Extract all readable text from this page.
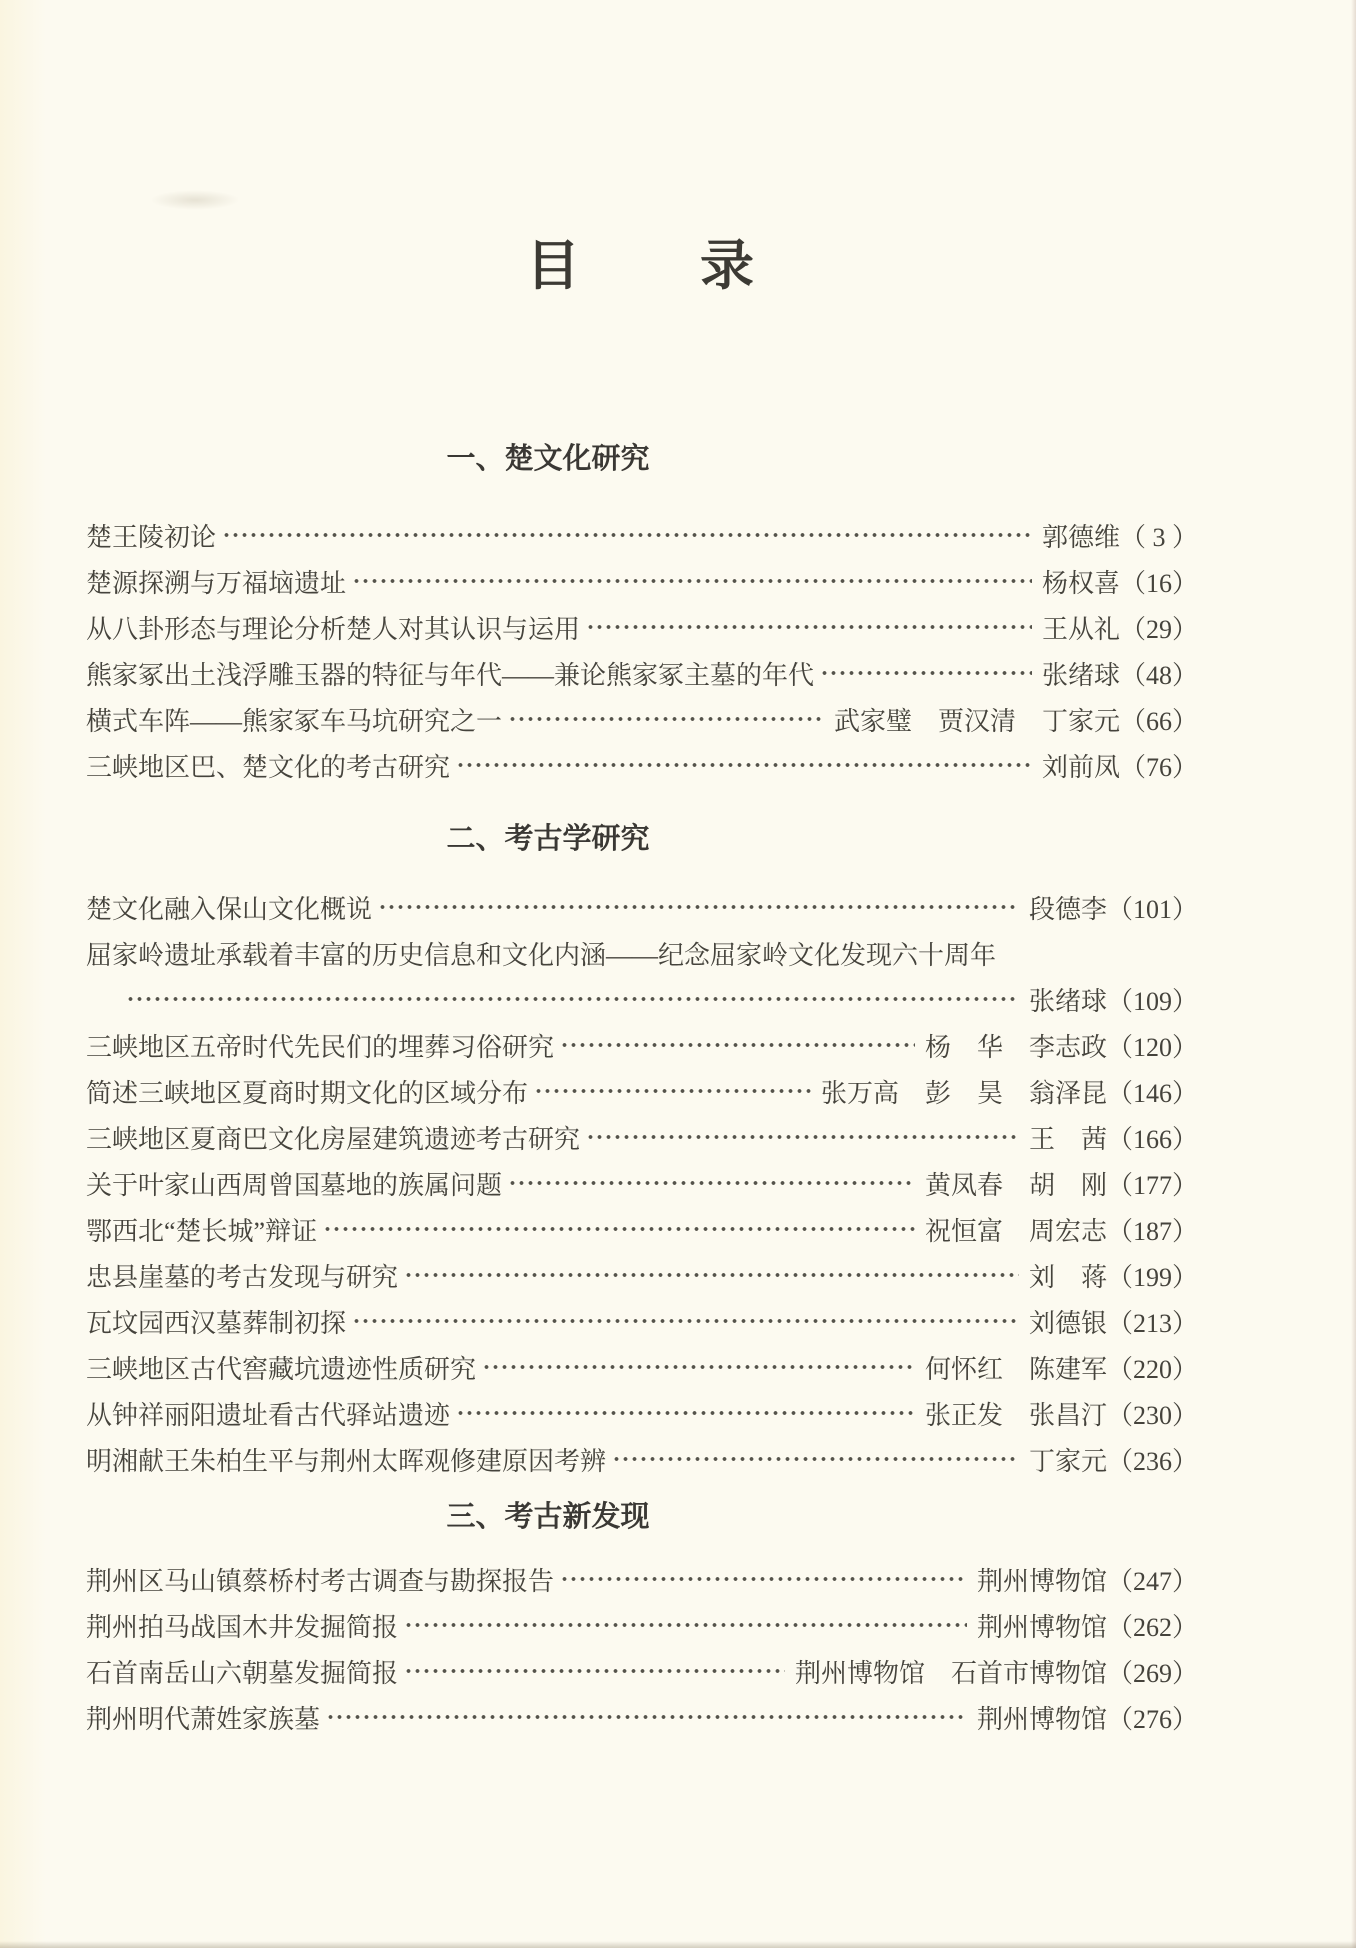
目　　录
一、楚文化研究
楚王陵初论	郭德维 （ 3 ）
楚源探溯与万福垴遗址	杨权喜 （16）
从八卦形态与理论分析楚人对其认识与运用	王从礼 （29）
熊家冢出土浅浮雕玉器的特征与年代——兼论熊家冢主墓的年代	张绪球 （48）
横式车阵——熊家冢车马坑研究之一	武家璧　贾汉清　丁家元 （66）
三峡地区巴、楚文化的考古研究	刘前凤 （76）
二、考古学研究
楚文化融入保山文化概说	段德李 （101）
屈家岭遗址承载着丰富的历史信息和文化内涵——纪念屈家岭文化发现六十周年
张绪球 （109）
三峡地区五帝时代先民们的埋葬习俗研究	杨　华　李志政 （120）
简述三峡地区夏商时期文化的区域分布	张万高　彭　昊　翁泽昆 （146）
三峡地区夏商巴文化房屋建筑遗迹考古研究	王　茜 （166）
关于叶家山西周曾国墓地的族属问题	黄凤春　胡　刚 （177）
鄂西北“楚长城”辩证	祝恒富　周宏志 （187）
忠县崖墓的考古发现与研究	刘　蒋 （199）
瓦坟园西汉墓葬制初探	刘德银 （213）
三峡地区古代窖藏坑遗迹性质研究	何怀红　陈建军 （220）
从钟祥丽阳遗址看古代驿站遗迹	张正发　张昌汀 （230）
明湘献王朱柏生平与荆州太晖观修建原因考辨	丁家元 （236）
三、考古新发现
荆州区马山镇蔡桥村考古调查与勘探报告	荆州博物馆 （247）
荆州拍马战国木井发掘简报	荆州博物馆 （262）
石首南岳山六朝墓发掘简报	荆州博物馆　石首市博物馆 （269）
荆州明代萧姓家族墓	荆州博物馆 （276）
